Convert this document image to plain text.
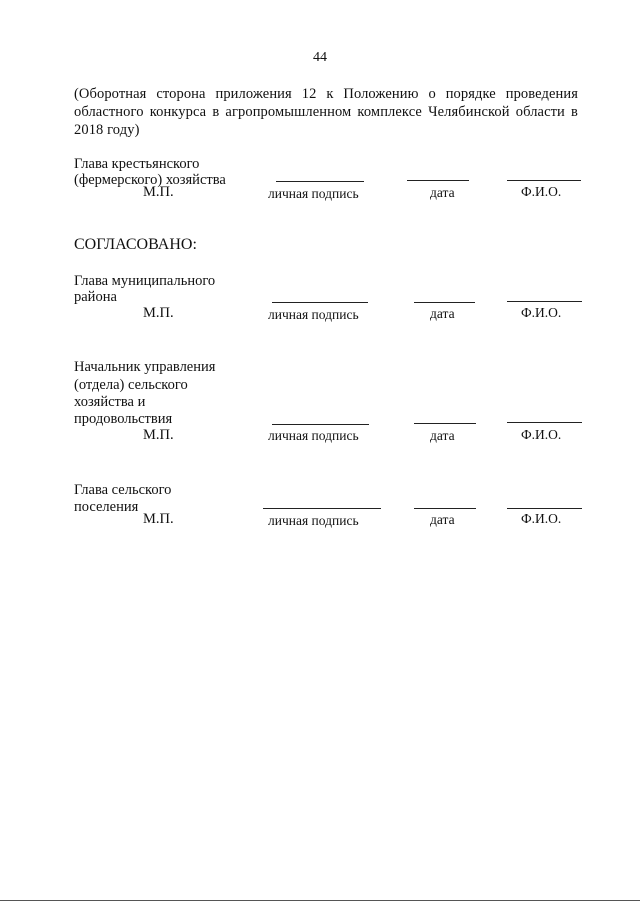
44
(Оборотная сторона приложения 12 к Положению о порядке проведения
областного конкурса в агропромышленном комплексе Челябинской области в
2018 году)
Глава крестьянского
(фермерского) хозяйства
М.П.	личная подпись	дата	Ф.И.О.
СОГЛАСОВАНО:
Глава муниципального
района
М.П.	личная подпись	дата	Ф.И.О.
Начальник управления
(отдела) сельского
хозяйства и
продовольствия
М.П.	личная подпись	дата	Ф.И.О.
Глава сельского
поселения
М.П.	личная подпись	дата	Ф.И.О.
